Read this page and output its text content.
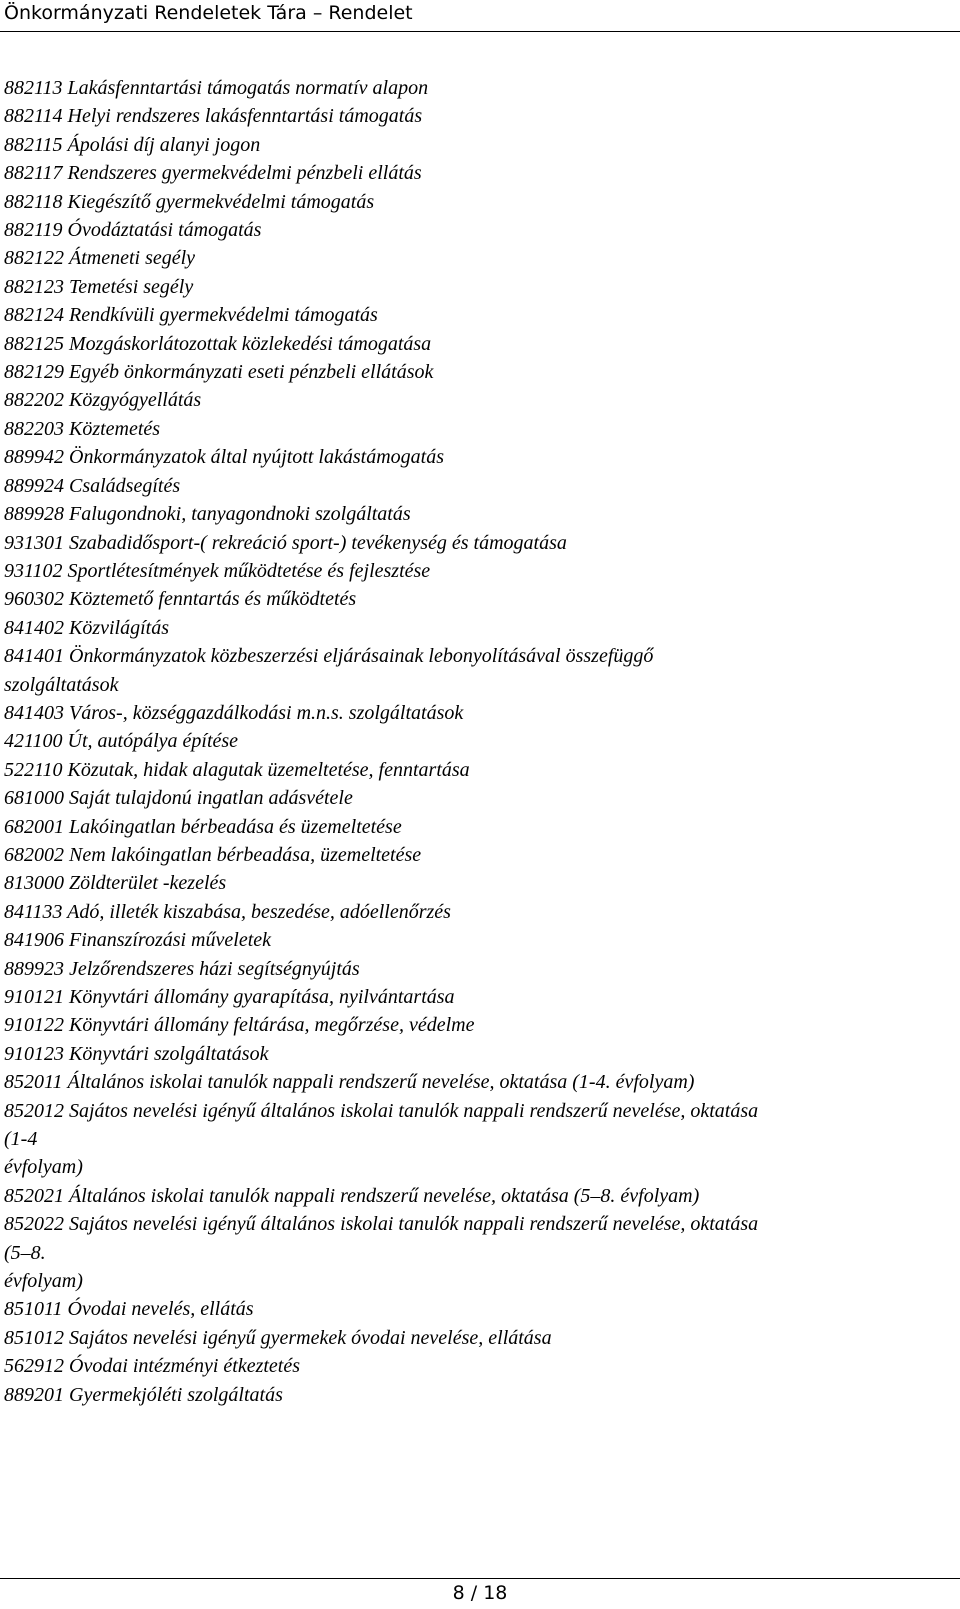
Önkormányzati Rendeletek Tára – Rendelet
882113 Lakásfenntartási támogatás normatív alapon
882114 Helyi rendszeres lakásfenntartási támogatás
882115 Ápolási díj alanyi jogon
882117 Rendszeres gyermekvédelmi pénzbeli ellátás
882118 Kiegészítő gyermekvédelmi támogatás
882119 Óvodáztatási támogatás
882122 Átmeneti segély
882123 Temetési segély
882124 Rendkívüli gyermekvédelmi támogatás
882125 Mozgáskorlátozottak közlekedési támogatása
882129 Egyéb önkormányzati eseti pénzbeli ellátások
882202 Közgyógyellátás
882203 Köztemetés
889942 Önkormányzatok által nyújtott lakástámogatás
889924 Családsegítés
889928 Falugondnoki, tanyagondnoki szolgáltatás
931301 Szabadidősport-( rekreáció sport-) tevékenység és támogatása
931102 Sportlétesítmények működtetése és fejlesztése
960302 Köztemető fenntartás és működtetés
841402 Közvilágítás
841401 Önkormányzatok közbeszerzési eljárásainak lebonyolításával összefüggő
szolgáltatások
841403 Város-, községgazdálkodási m.n.s. szolgáltatások
421100 Út, autópálya építése
522110 Közutak, hidak alagutak üzemeltetése, fenntartása
681000 Saját tulajdonú ingatlan adásvétele
682001 Lakóingatlan bérbeadása és üzemeltetése
682002 Nem lakóingatlan bérbeadása, üzemeltetése
813000 Zöldterület -kezelés
841133 Adó, illeték kiszabása, beszedése, adóellenőrzés
841906 Finanszírozási műveletek
889923 Jelzőrendszeres házi segítségnyújtás
910121 Könyvtári állomány gyarapítása, nyilvántartása
910122 Könyvtári állomány feltárása, megőrzése, védelme
910123 Könyvtári szolgáltatások
852011 Általános iskolai tanulók nappali rendszerű nevelése, oktatása (1-4. évfolyam)
852012 Sajátos nevelési igényű általános iskolai tanulók nappali rendszerű nevelése, oktatása
(1-4
évfolyam)
852021 Általános iskolai tanulók nappali rendszerű nevelése, oktatása (5–8. évfolyam)
852022 Sajátos nevelési igényű általános iskolai tanulók nappali rendszerű nevelése, oktatása
(5–8.
évfolyam)
851011 Óvodai nevelés, ellátás
851012 Sajátos nevelési igényű gyermekek óvodai nevelése, ellátása
562912 Óvodai intézményi étkeztetés
889201 Gyermekjóléti szolgáltatás
8 / 18
